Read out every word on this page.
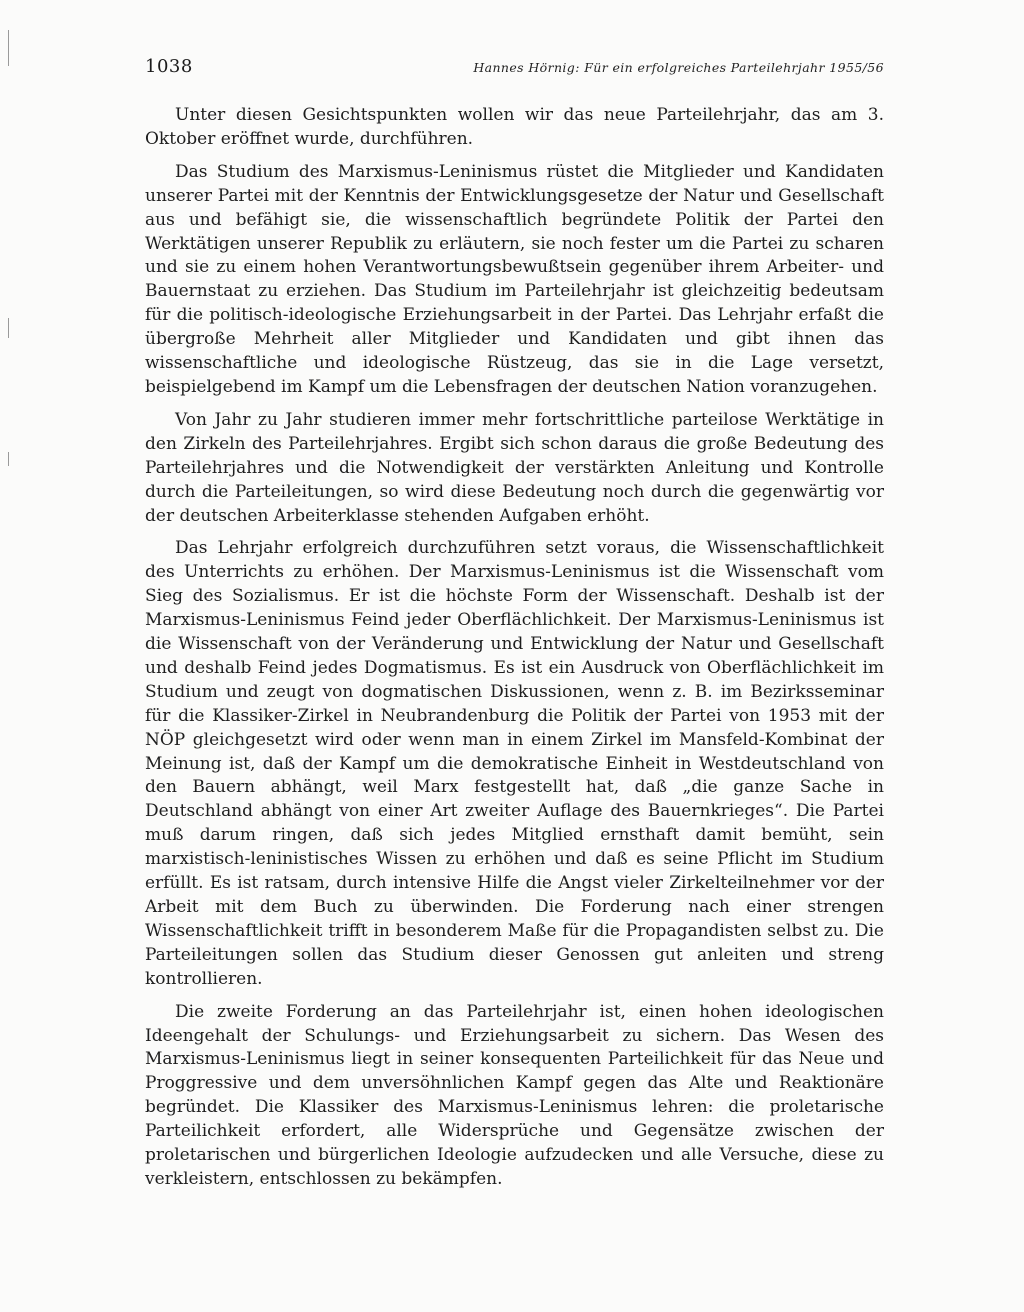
1038	Hannes Hörnig: Für ein erfolgreiches Parteilehrjahr 1955/56

Unter diesen Gesichtspunkten wollen wir das neue Parteilehrjahr, das am 3. Oktober eröffnet wurde, durchführen.

Das Studium des Marxismus-Leninismus rüstet die Mitglieder und Kandidaten unserer Partei mit der Kenntnis der Entwicklungsgesetze der Natur und Gesellschaft aus und befähigt sie, die wissenschaftlich begründete Politik der Partei den Werktätigen unserer Republik zu erläutern, sie noch fester um die Partei zu scharen und sie zu einem hohen Verantwortungsbewußtsein gegenüber ihrem Arbeiter- und Bauernstaat zu erziehen. Das Studium im Parteilehrjahr ist gleichzeitig bedeutsam für die politisch-ideologische Erziehungsarbeit in der Partei. Das Lehrjahr erfaßt die übergroße Mehrheit aller Mitglieder und Kandidaten und gibt ihnen das wissenschaftliche und ideologische Rüstzeug, das sie in die Lage versetzt, beispielgebend im Kampf um die Lebensfragen der deutschen Nation voranzugehen.

Von Jahr zu Jahr studieren immer mehr fortschrittliche parteilose Werktätige in den Zirkeln des Parteilehrjahres. Ergibt sich schon daraus die große Bedeutung des Parteilehrjahres und die Notwendigkeit der verstärkten Anleitung und Kontrolle durch die Parteileitungen, so wird diese Bedeutung noch durch die gegenwärtig vor der deutschen Arbeiterklasse stehenden Aufgaben erhöht.

Das Lehrjahr erfolgreich durchzuführen setzt voraus, die Wissenschaftlichkeit des Unterrichts zu erhöhen. Der Marxismus-Leninismus ist die Wissenschaft vom Sieg des Sozialismus. Er ist die höchste Form der Wissenschaft. Deshalb ist der Marxismus-Leninismus Feind jeder Oberflächlichkeit. Der Marxismus-Leninismus ist die Wissenschaft von der Veränderung und Entwicklung der Natur und Gesellschaft und deshalb Feind jedes Dogmatismus. Es ist ein Ausdruck von Oberflächlichkeit im Studium und zeugt von dogmatischen Diskussionen, wenn z. B. im Bezirksseminar für die Klassiker-Zirkel in Neubrandenburg die Politik der Partei von 1953 mit der NÖP gleichgesetzt wird oder wenn man in einem Zirkel im Mansfeld-Kombinat der Meinung ist, daß der Kampf um die demokratische Einheit in Westdeutschland von den Bauern abhängt, weil Marx festgestellt hat, daß „die ganze Sache in Deutschland abhängt von einer Art zweiter Auflage des Bauernkrieges“. Die Partei muß darum ringen, daß sich jedes Mitglied ernsthaft damit bemüht, sein marxistisch-leninistisches Wissen zu erhöhen und daß es seine Pflicht im Studium erfüllt. Es ist ratsam, durch intensive Hilfe die Angst vieler Zirkelteilnehmer vor der Arbeit mit dem Buch zu überwinden. Die Forderung nach einer strengen Wissenschaftlichkeit trifft in besonderem Maße für die Propagandisten selbst zu. Die Parteileitungen sollen das Studium dieser Genossen gut anleiten und streng kontrollieren.

Die zweite Forderung an das Parteilehrjahr ist, einen hohen ideologischen Ideengehalt der Schulungs- und Erziehungsarbeit zu sichern. Das Wesen des Marxismus-Leninismus liegt in seiner konsequenten Parteilichkeit für das Neue und Proggressive und dem unversöhnlichen Kampf gegen das Alte und Reaktionäre begründet. Die Klassiker des Marxismus-Leninismus lehren: die proletarische Parteilichkeit erfordert, alle Widersprüche und Gegensätze zwischen der proletarischen und bürgerlichen Ideologie aufzudecken und alle Versuche, diese zu verkleistern, entschlossen zu bekämpfen.
